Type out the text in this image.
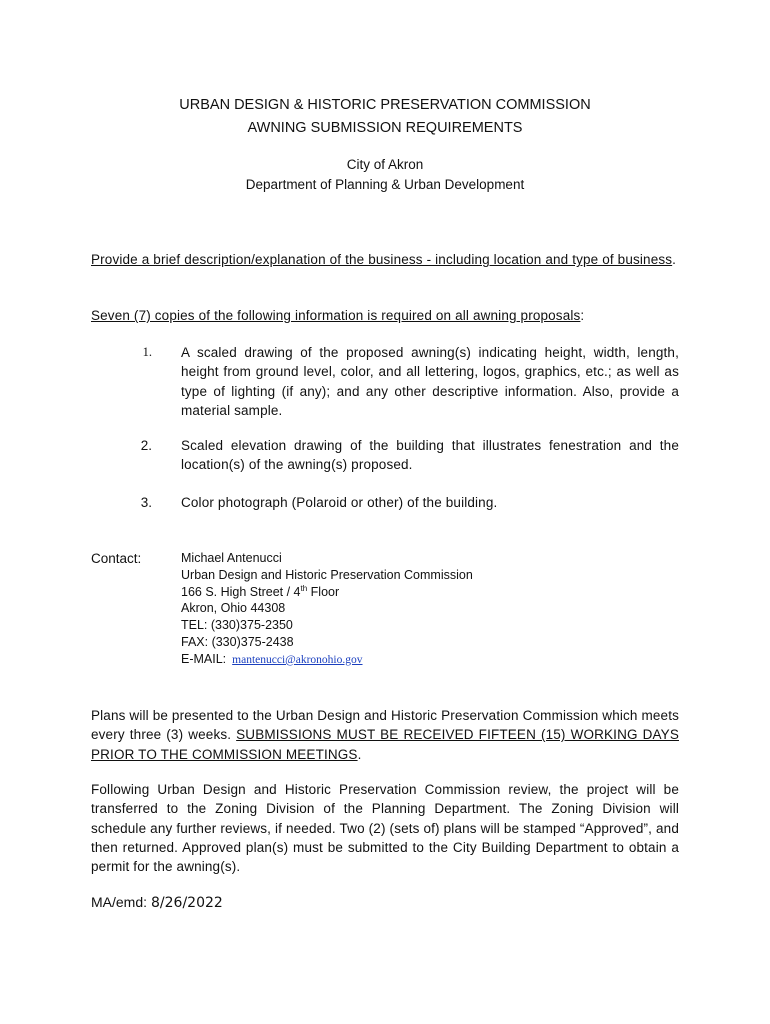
URBAN DESIGN & HISTORIC PRESERVATION COMMISSION
AWNING SUBMISSION REQUIREMENTS
City of Akron
Department of Planning & Urban Development
Provide a brief description/explanation of the business - including location and type of business.
Seven (7) copies of the following information is required on all awning proposals:
1. A scaled drawing of the proposed awning(s) indicating height, width, length, height from ground level, color, and all lettering, logos, graphics, etc.; as well as type of lighting (if any); and any other descriptive information. Also, provide a material sample.
2. Scaled elevation drawing of the building that illustrates fenestration and the location(s) of the awning(s) proposed.
3. Color photograph (Polaroid or other) of the building.
Contact:	Michael Antenucci
Urban Design and Historic Preservation Commission
166 S. High Street / 4th Floor
Akron, Ohio 44308
TEL: (330)375-2350
FAX: (330)375-2438
E-MAIL: mantenucci@akronohio.gov
Plans will be presented to the Urban Design and Historic Preservation Commission which meets every three (3) weeks. SUBMISSIONS MUST BE RECEIVED FIFTEEN (15) WORKING DAYS PRIOR TO THE COMMISSION MEETINGS.
Following Urban Design and Historic Preservation Commission review, the project will be transferred to the Zoning Division of the Planning Department. The Zoning Division will schedule any further reviews, if needed. Two (2) (sets of) plans will be stamped “Approved”, and then returned. Approved plan(s) must be submitted to the City Building Department to obtain a permit for the awning(s).
MA/emd: 8/26/2022
